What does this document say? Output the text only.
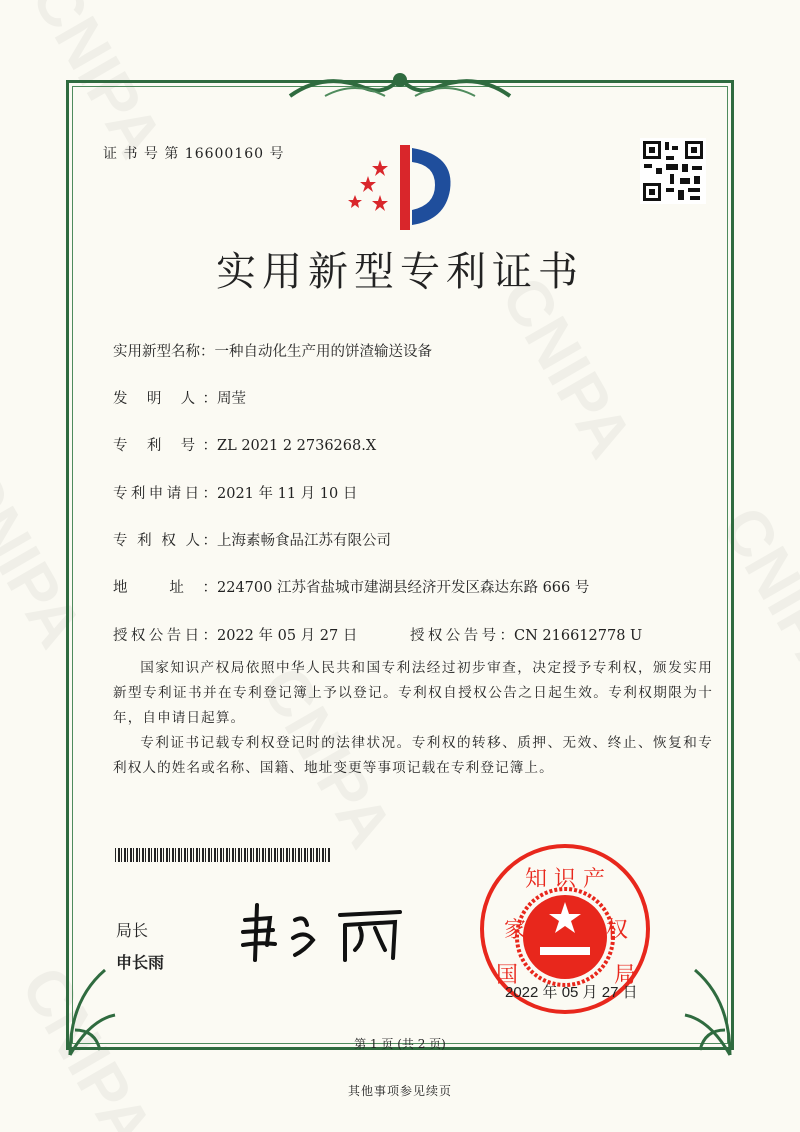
证 书 号 第 16600160 号
实用新型专利证书
实用新型名称：一种自动化生产用的饼渣输送设备
发 明 人：周莹
专 利 号：ZL 2021 2 2736268.X
专利申请日：2021 年 11 月 10 日
专 利 权 人：上海素畅食品江苏有限公司
地 址：224700 江苏省盐城市建湖县经济开发区森达东路 666 号
授权公告日：2022 年 05 月 27 日	授权公告号：CN 216612778 U

国家知识产权局依照中华人民共和国专利法经过初步审查，决定授予专利权，颁发实用新型专利证书并在专利登记簿上予以登记。专利权自授权公告之日起生效。专利权期限为十年，自申请日起算。

专利证书记载专利权登记时的法律状况。专利权的转移、质押、无效、终止、恢复和专利权人的姓名或名称、国籍、地址变更等事项记载在专利登记簿上。

局长
申长雨
知 识 产
家
国
权
局
2022 年 05 月 27 日
第 1 页 (共 2 页)
其他事项参见续页
